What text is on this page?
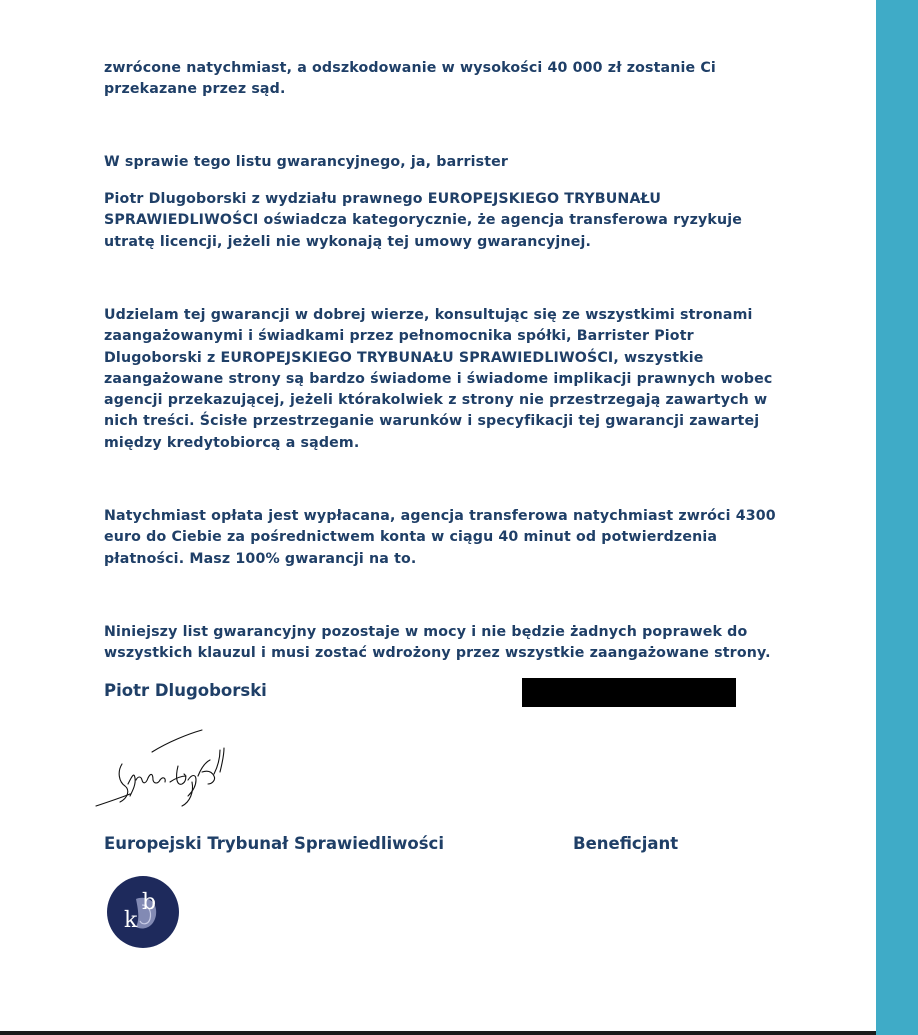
zwrócone natychmiast, a odszkodowanie w wysokości 40 000 zł zostanie Ci
przekazane przez sąd.

W sprawie tego listu gwarancyjnego, ja, barrister

Piotr Dlugoborski z wydziału prawnego EUROPEJSKIEGO TRYBUNAŁU
SPRAWIEDLIWOŚCI oświadcza kategorycznie, że agencja transferowa ryzykuje
utratę licencji, jeżeli nie wykonają tej umowy gwarancyjnej.

Udzielam tej gwarancji w dobrej wierze, konsultując się ze wszystkimi stronami
zaangażowanymi i świadkami przez pełnomocnika spółki, Barrister Piotr
Dlugoborski z EUROPEJSKIEGO TRYBUNAŁU SPRAWIEDLIWOŚCI, wszystkie
zaangażowane strony są bardzo świadome i świadome implikacji prawnych wobec
agencji przekazującej, jeżeli którakolwiek z strony nie przestrzegają zawartych w
nich treści. Ścisłe przestrzeganie warunków i specyfikacji tej gwarancji zawartej
między kredytobiorcą a sądem.

Natychmiast opłata jest wypłacana, agencja transferowa natychmiast zwróci 4300
euro do Ciebie za pośrednictwem konta w ciągu 40 minut od potwierdzenia
płatności. Masz 100% gwarancji na to.

Niniejszy list gwarancyjny pozostaje w mocy i nie będzie żadnych poprawek do
wszystkich klauzul i musi zostać wdrożony przez wszystkie zaangażowane strony.

Piotr Dlugoborski
Europejski Trybunał Sprawiedliwości	Beneficjant
k
b
